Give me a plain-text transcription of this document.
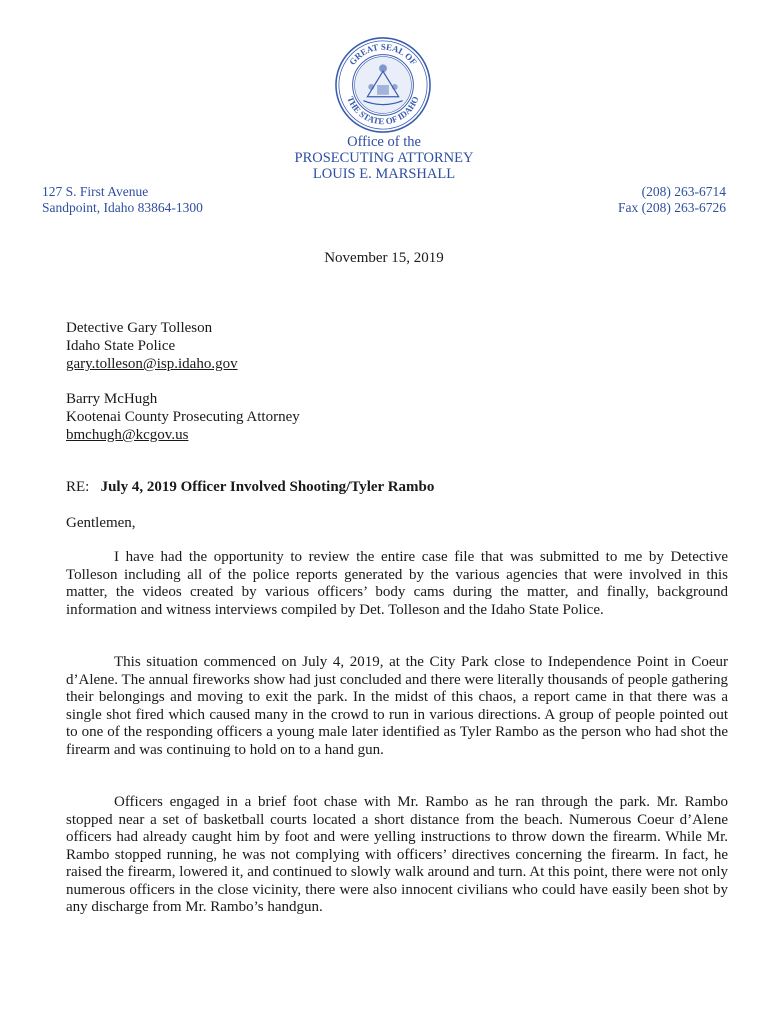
GREAT SEAL OF
THE STATE OF IDAHO
Office of the
PROSECUTING ATTORNEY
LOUIS E. MARSHALL
127 S. First Avenue
Sandpoint, Idaho 83864-1300
(208) 263-6714
Fax (208) 263-6726
November 15, 2019
Detective Gary Tolleson
Idaho State Police
gary.tolleson@isp.idaho.gov
Barry McHugh
Kootenai County Prosecuting Attorney
bmchugh@kcgov.us
RE: July 4, 2019 Officer Involved Shooting/Tyler Rambo
Gentlemen,

I have had the opportunity to review the entire case file that was submitted to me by Detective Tolleson including all of the police reports generated by the various agencies that were involved in this matter, the videos created by various officers’ body cams during the matter, and finally, background information and witness interviews compiled by Det. Tolleson and the Idaho State Police.

This situation commenced on July 4, 2019, at the City Park close to Independence Point in Coeur d’Alene. The annual fireworks show had just concluded and there were literally thousands of people gathering their belongings and moving to exit the park. In the midst of this chaos, a report came in that there was a single shot fired which caused many in the crowd to run in various directions. A group of people pointed out to one of the responding officers a young male later identified as Tyler Rambo as the person who had shot the firearm and was continuing to hold on to a hand gun.

Officers engaged in a brief foot chase with Mr. Rambo as he ran through the park. Mr. Rambo stopped near a set of basketball courts located a short distance from the beach. Numerous Coeur d’Alene officers had already caught him by foot and were yelling instructions to throw down the firearm. While Mr. Rambo stopped running, he was not complying with officers’ directives concerning the firearm. In fact, he raised the firearm, lowered it, and continued to slowly walk around and turn. At this point, there were not only numerous officers in the close vicinity, there were also innocent civilians who could have easily been shot by any discharge from Mr. Rambo’s handgun.
